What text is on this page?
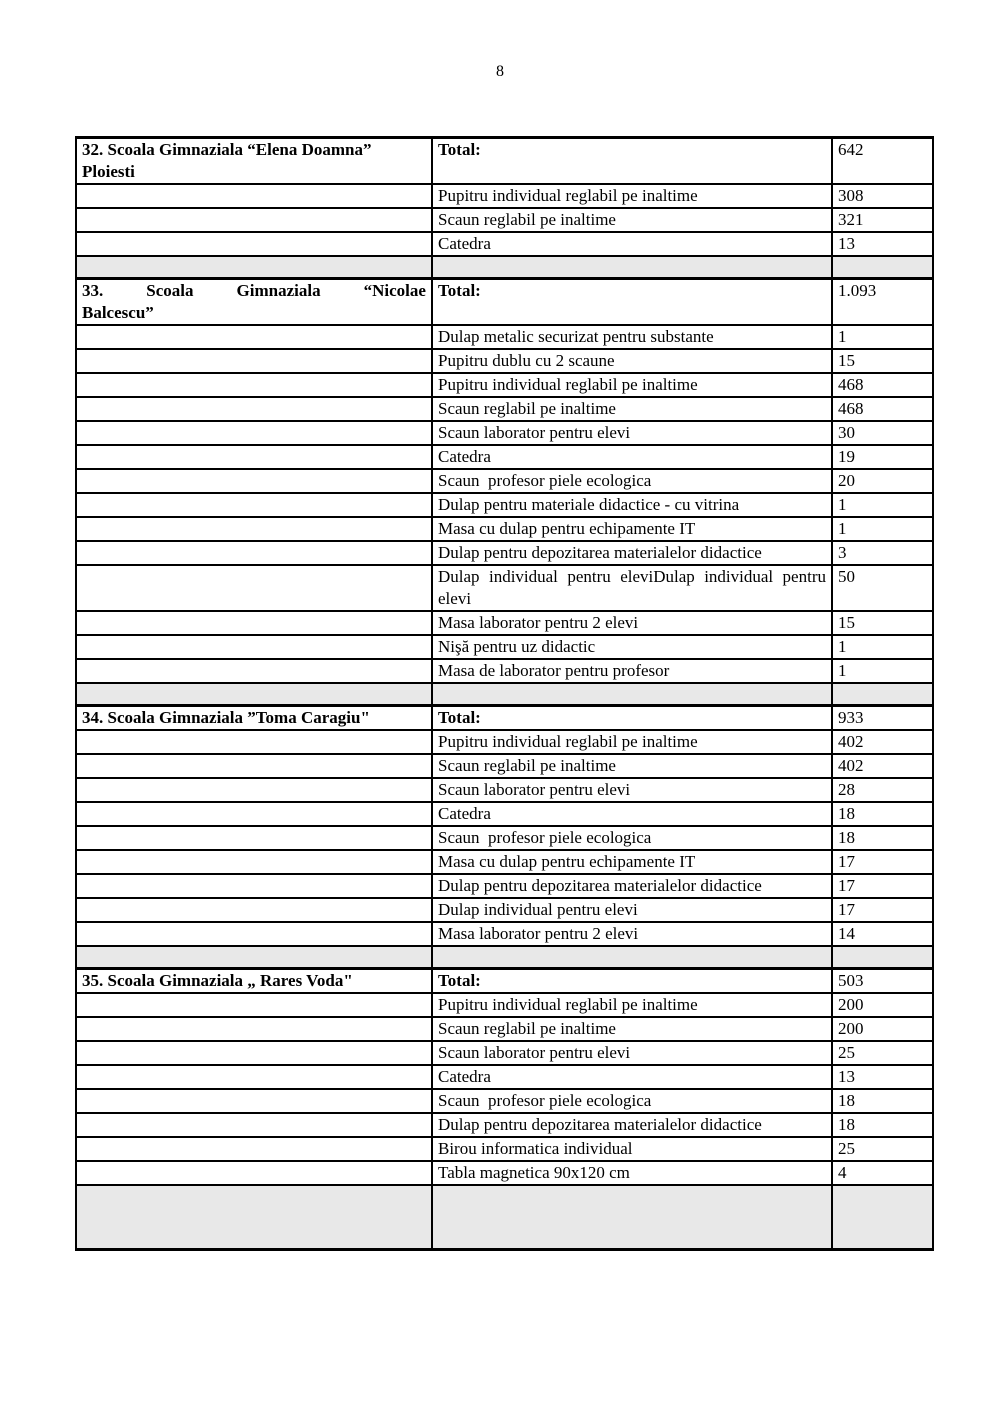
8
32. Scoala Gimnaziala “Elena Doamna”
Ploiesti	Total:	642
	Pupitru individual reglabil pe inaltime	308
	Scaun reglabil pe inaltime	321
	Catedra	13

33. Scoala Gimnaziala “Nicolae
Balcescu”	Total:	1.093
	Dulap metalic securizat pentru substante	1
	Pupitru dublu cu 2 scaune	15
	Pupitru individual reglabil pe inaltime	468
	Scaun reglabil pe inaltime	468
	Scaun laborator pentru elevi	30
	Catedra	19
	Scaun  profesor piele ecologica	20
	Dulap pentru materiale didactice - cu vitrina	1
	Masa cu dulap pentru echipamente IT	1
	Dulap pentru depozitarea materialelor didactice	3
	Dulap individual pentru eleviDulap individual pentru elevi	50
	Masa laborator pentru 2 elevi	15
	Nişă pentru uz didactic	1
	Masa de laborator pentru profesor	1

34. Scoala Gimnaziala ”Toma Caragiu"	Total:	933
	Pupitru individual reglabil pe inaltime	402
	Scaun reglabil pe inaltime	402
	Scaun laborator pentru elevi	28
	Catedra	18
	Scaun  profesor piele ecologica	18
	Masa cu dulap pentru echipamente IT	17
	Dulap pentru depozitarea materialelor didactice	17
	Dulap individual pentru elevi	17
	Masa laborator pentru 2 elevi	14

35. Scoala Gimnaziala „ Rares Voda"	Total:	503
	Pupitru individual reglabil pe inaltime	200
	Scaun reglabil pe inaltime	200
	Scaun laborator pentru elevi	25
	Catedra	13
	Scaun  profesor piele ecologica	18
	Dulap pentru depozitarea materialelor didactice	18
	Birou informatica individual	25
	Tabla magnetica 90x120 cm	4
